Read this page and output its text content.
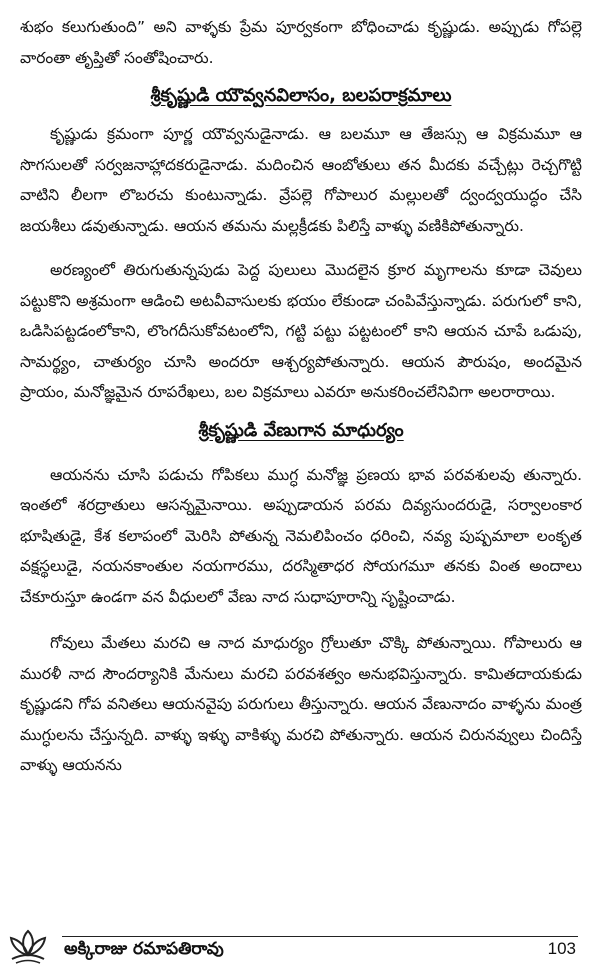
శుభం కలుగుతుంది” అని వాళ్ళకు ప్రేమ పూర్వకంగా బోధించాడు కృష్ణుడు. అప్పుడు గోపల్లె వారంతా తృప్తితో సంతోషించారు.

శ్రీకృష్ణుడి యౌవ్వనవిలాసం, బలపరాక్రమాలు

కృష్ణుడు క్రమంగా పూర్ణ యౌవ్వనుడైనాడు. ఆ బలమూ ఆ తేజస్సు ఆ విక్రమమూ ఆ సొగసులతో సర్వజనాహ్లాదకరుడైనాడు. మదించిన ఆంబోతులు తన మీదకు వచ్చేట్లు రెచ్చగొట్టి వాటిని లీలగా లొబరచు కుంటున్నాడు. వ్రేపల్లె గోపాలుర మల్లులతో ద్వంద్వయుద్ధం చేసి జయశీలు డవుతున్నాడు. ఆయన తమను మల్లక్రీడకు పిలిస్తే వాళ్ళు వణికిపోతున్నారు.

అరణ్యంలో తిరుగుతున్నపుడు పెద్ద పులులు మొదలైన క్రూర మృగాలను కూడా చెవులు పట్టుకొని అశ్రమంగా ఆడించి అటవీవాసులకు భయం లేకుండా చంపివేస్తున్నాడు. పరుగులో కాని, ఒడిసిపట్టడంలోకాని, లొంగదీసుకోవటంలోని, గట్టి పట్టు పట్టటంలో కాని ఆయన చూపే ఒడుపు, సామర్థ్యం, చాతుర్యం చూసి అందరూ ఆశ్చర్యపోతున్నారు. ఆయన పౌరుషం, అందమైన ప్రాయం, మనోజ్ఞమైన రూపరేఖలు, బల విక్రమాలు ఎవరూ అనుకరించలేనివిగా అలరారాయి.

శ్రీకృష్ణుడి వేణుగాన మాధుర్యం

ఆయనను చూసి పడుచు గోపికలు ముగ్ధ మనోజ్ఞ ప్రణయ భావ పరవశులవు తున్నారు. ఇంతలో శరద్రాతులు ఆసన్నమైనాయి. అప్పుడాయన పరమ దివ్యసుందరుడై, సర్వాలంకార భూషితుడై, కేశ కలాపంలో మెరిసి పోతున్న నెమలిపించం ధరించి, నవ్య పుష్పమాలా లంకృత వక్షస్థలుడై, నయనకాంతుల నయగారము, దరస్మితాధర సోయగమూ తనకు వింత అందాలు చేకూరుస్తూ ఉండగా వన వీధులలో వేణు నాద సుధాపూరాన్ని సృష్టించాడు.

గోవులు మేతలు మరచి ఆ నాద మాధుర్యం గ్రోలుతూ చొక్కి పోతున్నాయి. గోపాలురు ఆ మురళీ నాద సౌందర్యానికి మేనులు మరచి పరవశత్వం అనుభవిస్తున్నారు. కామితదాయకుడు కృష్ణుడని గోప వనితలు ఆయనవైపు పరుగులు తీస్తున్నారు. ఆయన వేణునాదం వాళ్ళను మంత్ర ముగ్ధులను చేస్తున్నది. వాళ్ళు ఇళ్ళు వాకిళ్ళు మరచి పోతున్నారు. ఆయన చిరునవ్వులు చిందిస్తే వాళ్ళు ఆయనను

అక్కిరాజు రమాపతిరావు	103
